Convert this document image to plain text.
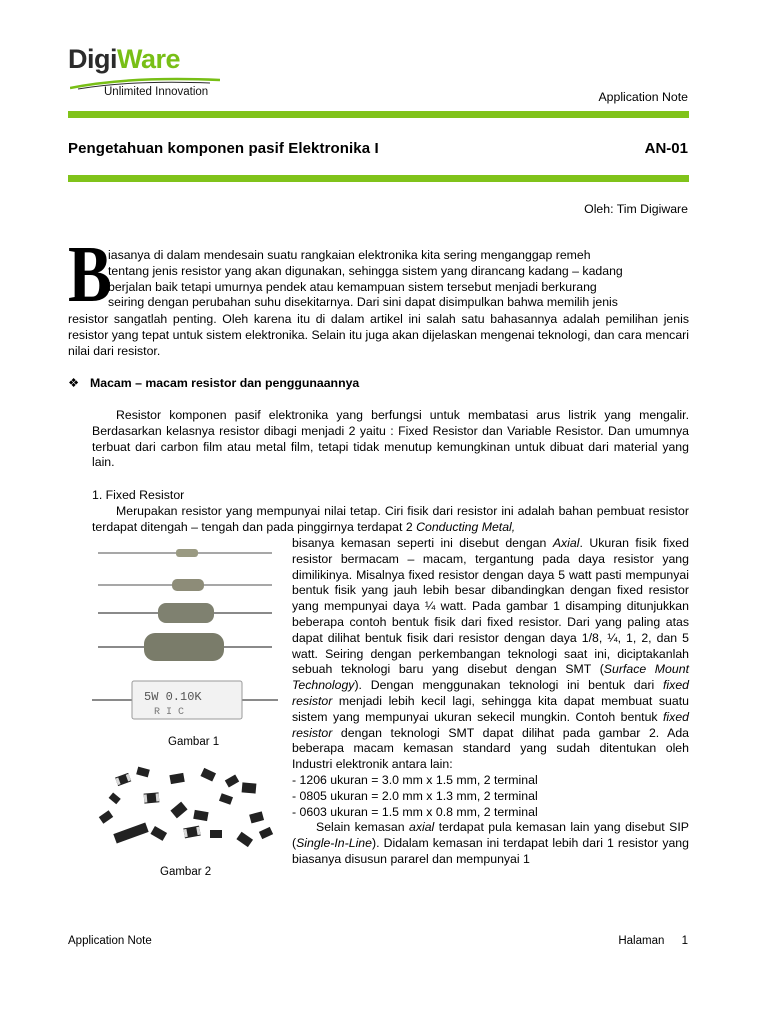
DigiWare
Unlimited Innovation	Application Note
Pengetahuan komponen pasif Elektronika I	AN-01
Oleh: Tim Digiware
B

iasanya di dalam mendesain suatu rangkaian elektronika kita sering menganggap remeh

tentang jenis resistor yang akan digunakan, sehingga sistem yang dirancang kadang – kadang

berjalan baik tetapi umurnya pendek atau kemampuan sistem tersebut menjadi berkurang

seiring dengan perubahan suhu disekitarnya. Dari sini dapat disimpulkan bahwa memilih jenis

resistor sangatlah penting. Oleh karena itu di dalam artikel ini salah satu bahasannya adalah pemilihan jenis resistor yang tepat untuk sistem elektronika. Selain itu juga akan dijelaskan mengenai teknologi, dan cara mencari nilai dari resistor.

❖ Macam – macam resistor dan penggunaannya

Resistor komponen pasif elektronika yang berfungsi untuk membatasi arus listrik yang mengalir. Berdasarkan kelasnya resistor dibagi menjadi 2 yaitu : Fixed Resistor dan Variable Resistor. Dan umumnya terbuat dari carbon film atau metal film, tetapi tidak menutup kemungkinan untuk dibuat dari material yang lain.

1. Fixed Resistor

Merupakan resistor yang mempunyai nilai tetap. Ciri fisik dari resistor ini adalah bahan pembuat resistor terdapat ditengah – tengah dan pada pinggirnya terdapat 2 Conducting Metal,

bisanya kemasan seperti ini disebut dengan Axial. Ukuran fisik fixed resistor bermacam – macam, tergantung pada daya resistor yang dimilikinya. Misalnya fixed resistor dengan daya 5 watt pasti mempunyai bentuk fisik yang jauh lebih besar dibandingkan dengan fixed resistor yang mempunyai daya ¼ watt. Pada gambar 1 disamping ditunjukkan beberapa contoh bentuk fisik dari fixed resistor. Dari yang paling atas dapat dilihat bentuk fisik dari resistor dengan daya 1/8, ¼, 1, 2, dan 5 watt. Seiring dengan perkembangan teknologi saat ini, diciptakanlah sebuah teknologi baru yang disebut dengan SMT (Surface Mount Technology). Dengan menggunakan teknologi ini bentuk dari fixed resistor menjadi lebih kecil lagi, sehingga kita dapat membuat suatu sistem yang mempunyai ukuran sekecil mungkin. Contoh bentuk fixed resistor dengan teknologi SMT dapat dilihat pada gambar 2. Ada beberapa macam kemasan standard yang sudah ditentukan oleh Industri elektronik antara lain:

- 1206 ukuran = 3.0 mm x 1.5 mm, 2 terminal

- 0805 ukuran = 2.0 mm x 1.3 mm, 2 terminal

- 0603 ukuran = 1.5 mm x 0.8 mm, 2 terminal

Selain kemasan axial terdapat pula kemasan lain yang disebut SIP (Single-In-Line). Didalam kemasan ini terdapat lebih dari 1 resistor yang biasanya disusun pararel dan mempunyai 1

5W 0.10K
R I C
Gambar 1
Gambar 2
Application Note	Halaman 1
